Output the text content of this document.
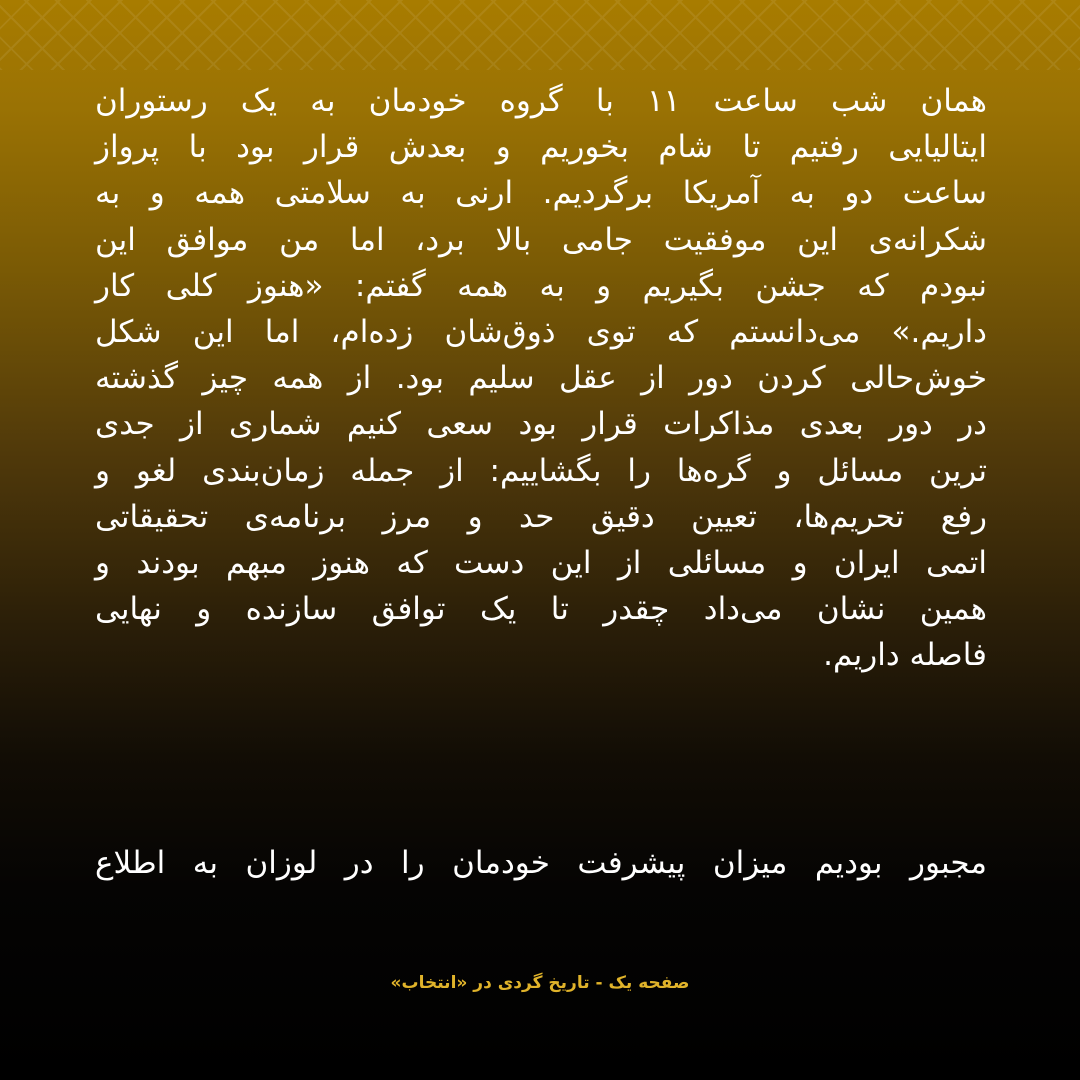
همان شب ساعت ۱۱ با گروه خودمان به یک رستوران
ایتالیایی رفتیم تا شام بخوریم و بعدش قرار بود با پرواز
ساعت دو به آمریکا برگردیم. ارنی به سلامتی همه و به
شکرانه‌ی این موفقیت جامی بالا برد، اما من موافق این
نبودم که جشن بگیریم و به همه گفتم: «هنوز کلی کار
داریم.» می‌دانستم که توی ذوق‌شان زده‌ام، اما این شکل
خوش‌حالی کردن دور از عقل سلیم بود. از همه چیز گذشته
در دور بعدی مذاکرات قرار بود سعی کنیم شماری از جدی
ترین مسائل و گره‌ها را بگشاییم: از جمله زمان‌بندی لغو و
رفع تحریم‌ها، تعیین دقیق حد و مرز برنامه‌ی تحقیقاتی
اتمی ایران و مسائلی از این دست که هنوز مبهم بودند و
همین نشان می‌داد چقدر تا یک توافق سازنده و نهایی
فاصله داریم.
مجبور بودیم میزان پیشرفت خودمان را در لوزان به اطلاع
صفحه یک - تاریخ گردی در «انتخاب»
